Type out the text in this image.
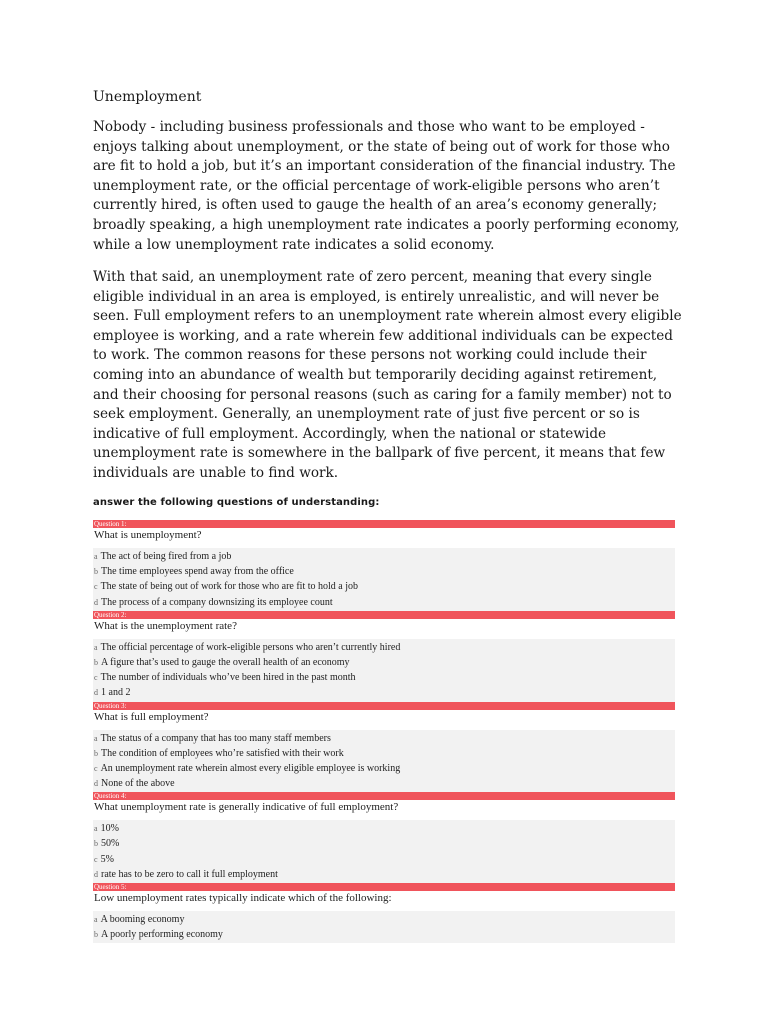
Unemployment

Nobody - including business professionals and those who want to be employed - enjoys talking about unemployment, or the state of being out of work for those who are fit to hold a job, but it’s an important consideration of the financial industry. The unemployment rate, or the official percentage of work-eligible persons who aren’t currently hired, is often used to gauge the health of an area’s economy generally; broadly speaking, a high unemployment rate indicates a poorly performing economy, while a low unemployment rate indicates a solid economy.

With that said, an unemployment rate of zero percent, meaning that every single eligible individual in an area is employed, is entirely unrealistic, and will never be seen. Full employment refers to an unemployment rate wherein almost every eligible employee is working, and a rate wherein few additional individuals can be expected to work. The common reasons for these persons not working could include their coming into an abundance of wealth but temporarily deciding against retirement, and their choosing for personal reasons (such as caring for a family member) not to seek employment. Generally, an unemployment rate of just five percent or so is indicative of full employment. Accordingly, when the national or statewide unemployment rate is somewhere in the ballpark of five percent, it means that few individuals are unable to find work.

answer the following questions of understanding:

Question 1:
What is unemployment?
a The act of being fired from a job
b The time employees spend away from the office
c The state of being out of work for those who are fit to hold a job
d The process of a company downsizing its employee count
Question 2:
What is the unemployment rate?
a The official percentage of work-eligible persons who aren’t currently hired
b A figure that’s used to gauge the overall health of an economy
c The number of individuals who’ve been hired in the past month
d 1 and 2
Question 3:
What is full employment?
a The status of a company that has too many staff members
b The condition of employees who’re satisfied with their work
c An unemployment rate wherein almost every eligible employee is working
d None of the above
Question 4:
What unemployment rate is generally indicative of full employment?
a 10%
b 50%
c 5%
d rate has to be zero to call it full employment
Question 5:
Low unemployment rates typically indicate which of the following:
a A booming economy
b A poorly performing economy
